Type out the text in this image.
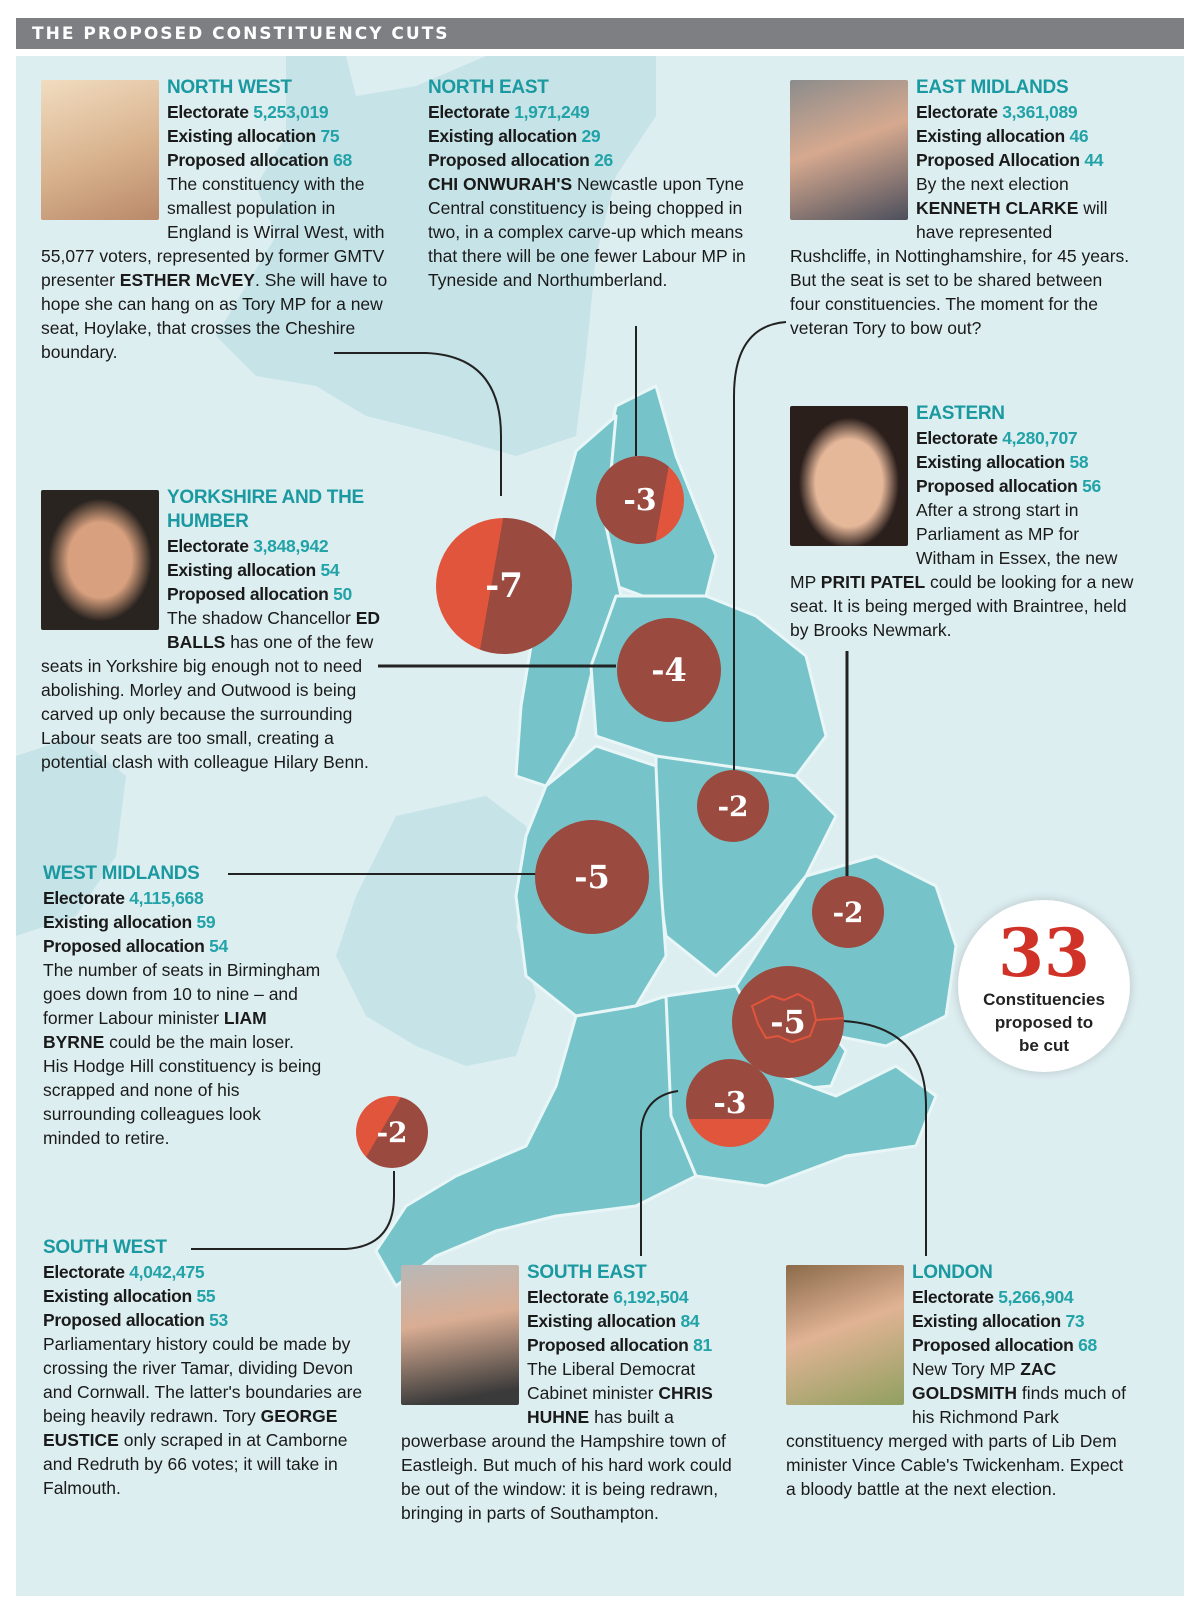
THE PROPOSED CONSTITUENCY CUTS
-7
-3
-4
-2
-5
-2
-5
-3
-2
33
Constituencies
proposed to
be cut
NORTH WEST
Electorate 5,253,019
Existing allocation 75
Proposed allocation 68
The constituency with the smallest population in England is Wirral West, with 55,077 voters, represented by former GMTV presenter ESTHER McVEY. She will have to hope she can hang on as Tory MP for a new seat, Hoylake, that crosses the Cheshire boundary.
NORTH EAST
Electorate 1,971,249
Existing allocation 29
Proposed allocation 26
CHI ONWURAH'S Newcastle upon Tyne Central constituency is being chopped in two, in a complex carve-up which means that there will be one fewer Labour MP in Tyneside and Northumberland.
EAST MIDLANDS
Electorate 3,361,089
Existing allocation 46
Proposed Allocation 44
By the next election KENNETH CLARKE will have represented Rushcliffe, in Nottinghamshire, for 45 years. But the seat is set to be shared between four constituencies. The moment for the veteran Tory to bow out?
EASTERN
Electorate 4,280,707
Existing allocation 58
Proposed allocation 56
After a strong start in Parliament as MP for Witham in Essex, the new MP PRITI PATEL could be looking for a new seat. It is being merged with Braintree, held by Brooks Newmark.
YORKSHIRE AND THE HUMBER
Electorate 3,848,942
Existing allocation 54
Proposed allocation 50
The shadow Chancellor ED BALLS has one of the few seats in Yorkshire big enough not to need abolishing. Morley and Outwood is being carved up only because the surrounding Labour seats are too small, creating a potential clash with colleague Hilary Benn.
WEST MIDLANDS
Electorate 4,115,668
Existing allocation 59
Proposed allocation 54
The number of seats in Birmingham goes down from 10 to nine – and former Labour minister LIAM BYRNE could be the main loser. His Hodge Hill constituency is being scrapped and none of his surrounding colleagues look minded to retire.
SOUTH WEST
Electorate 4,042,475
Existing allocation 55
Proposed allocation 53
Parliamentary history could be made by crossing the river Tamar, dividing Devon and Cornwall. The latter's boundaries are being heavily redrawn. Tory GEORGE EUSTICE only scraped in at Camborne and Redruth by 66 votes; it will take in Falmouth.
SOUTH EAST
Electorate 6,192,504
Existing allocation 84
Proposed allocation 81
The Liberal Democrat Cabinet minister CHRIS HUHNE has built a powerbase around the Hampshire town of Eastleigh. But much of his hard work could be out of the window: it is being redrawn, bringing in parts of Southampton.
LONDON
Electorate 5,266,904
Existing allocation 73
Proposed allocation 68
New Tory MP ZAC GOLDSMITH finds much of his Richmond Park constituency merged with parts of Lib Dem minister Vince Cable's Twickenham. Expect a bloody battle at the next election.
